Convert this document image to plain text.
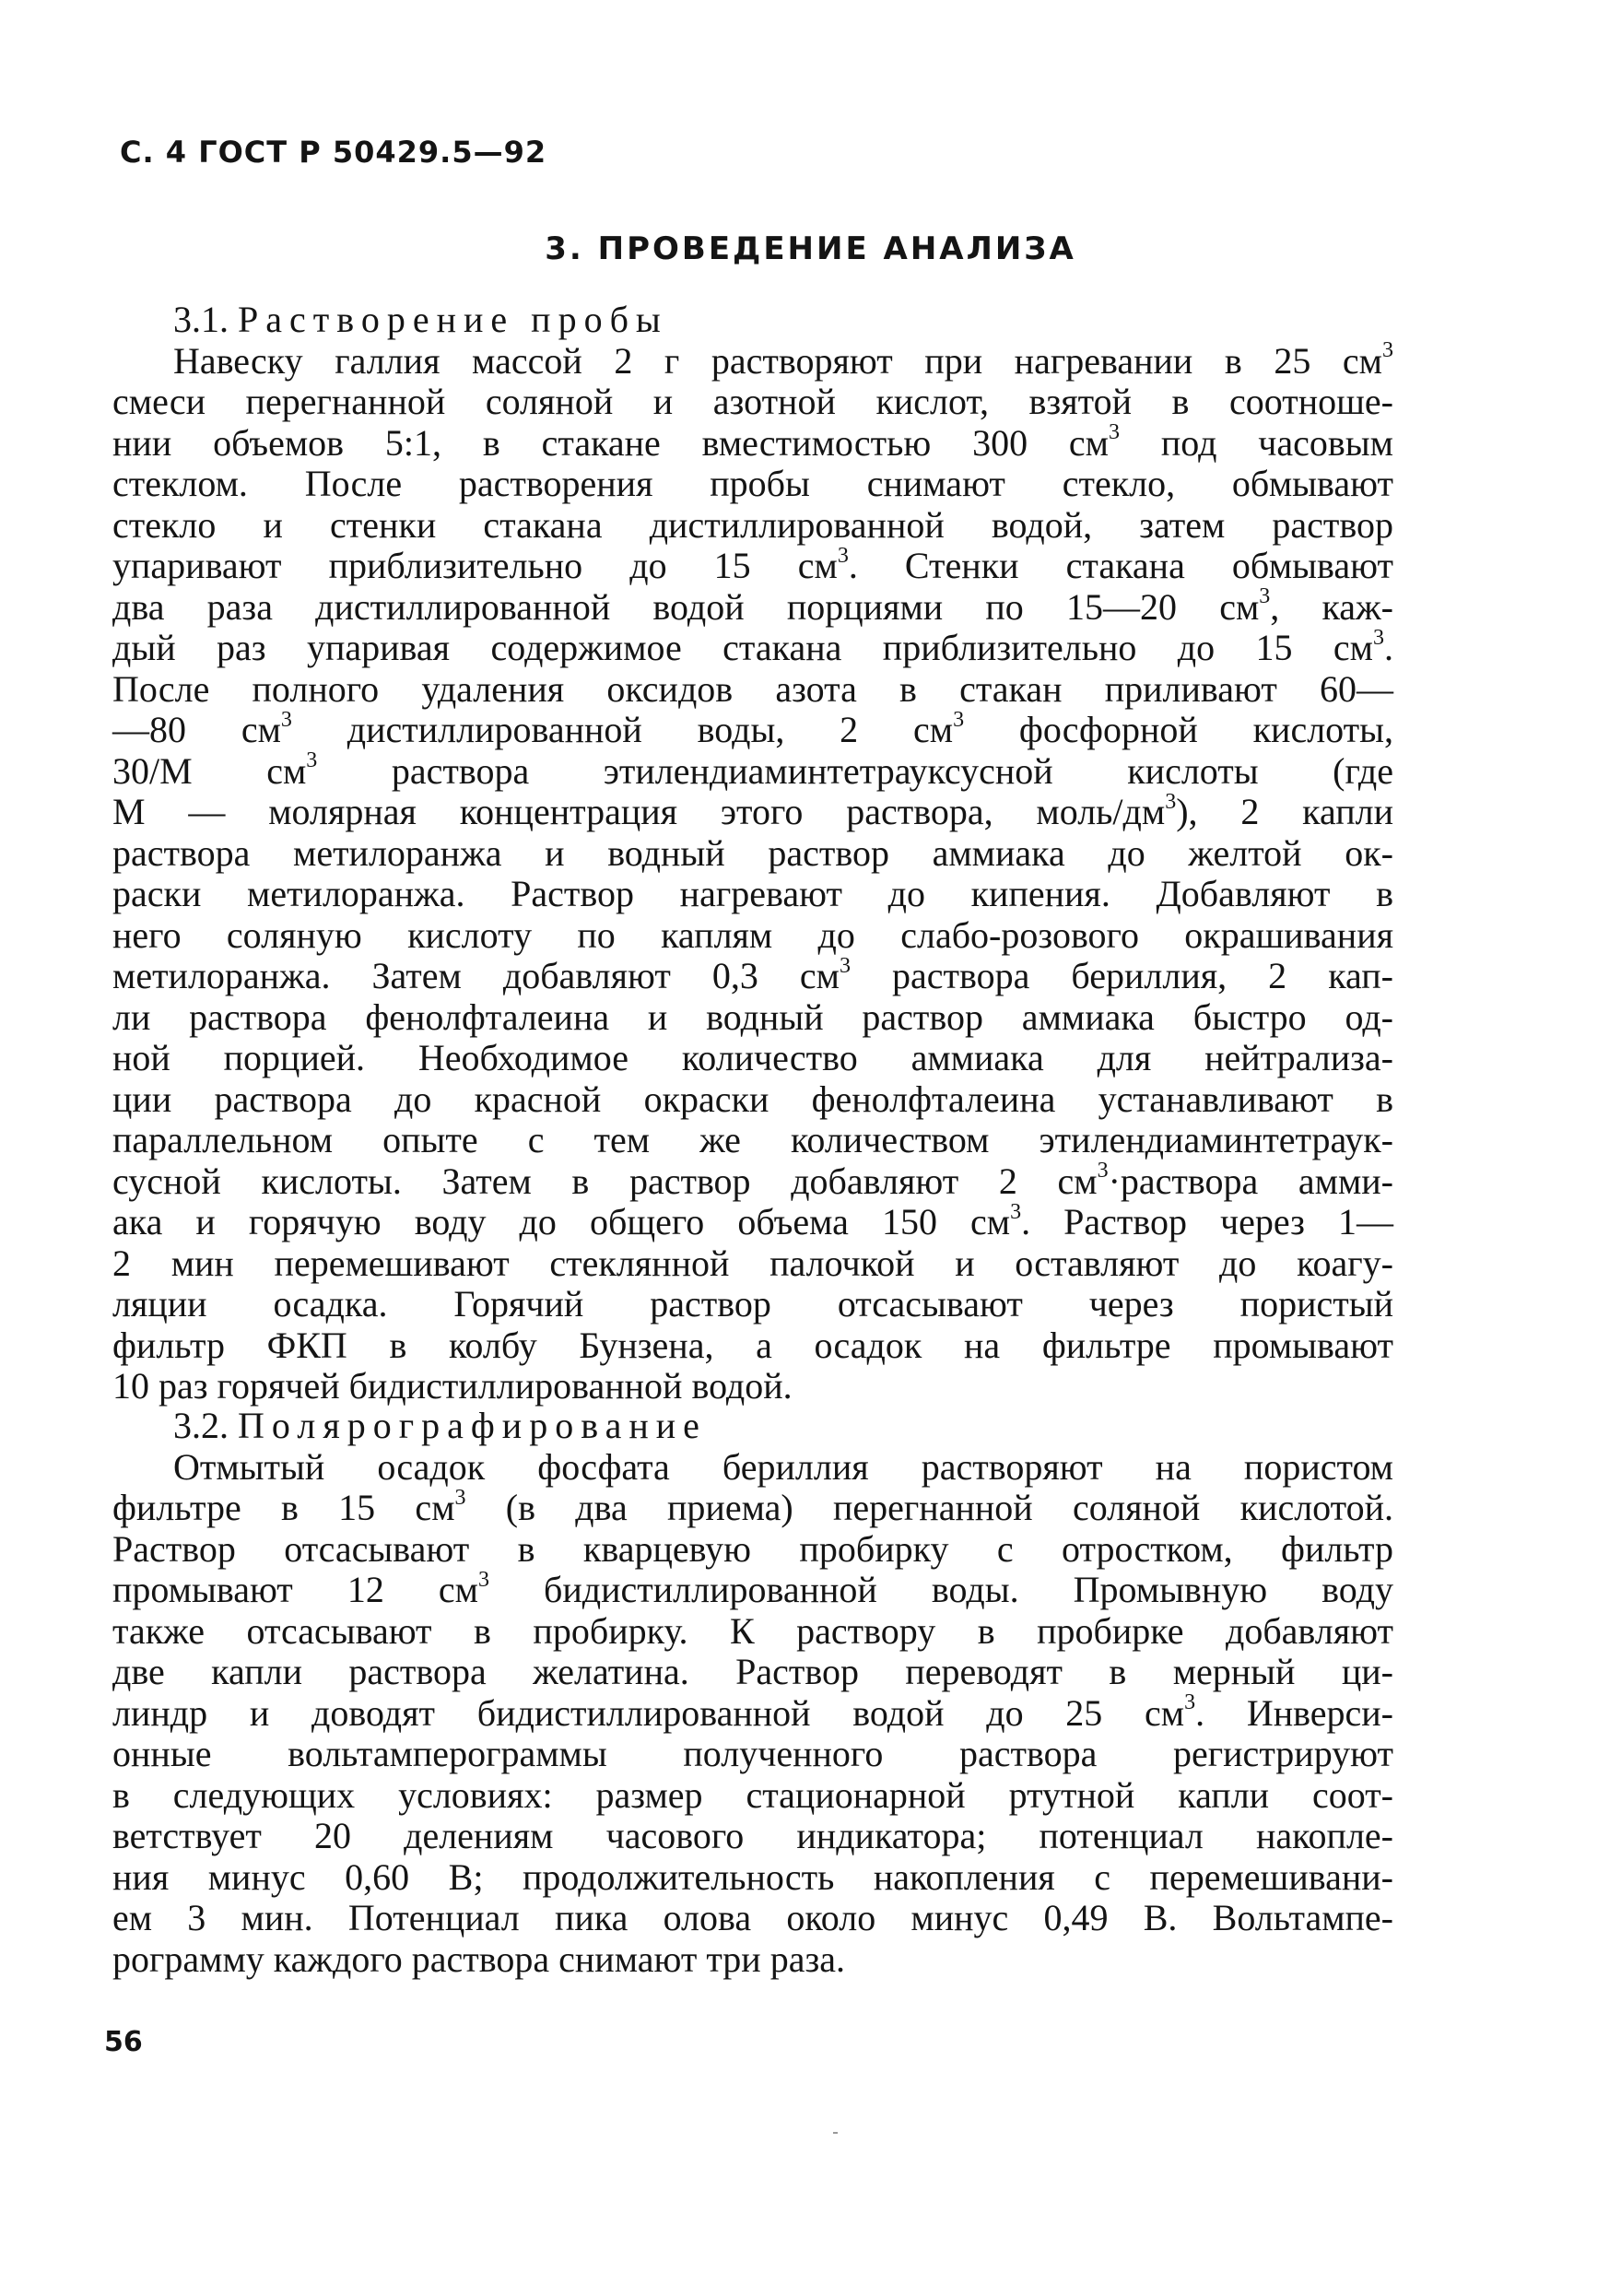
С. 4 ГОСТ Р 50429.5—92

3. ПРОВЕДЕНИЕ АНАЛИЗА
3.1. Растворение пробы
Навеску галлия массой 2 г растворяют при нагревании в 25 $см^3$
смеси перегнанной соляной и азотной кислот, взятой в соотноше-
нии объемов 5:1, в стакане вместимостью 300 $см^3$ под часовым
стеклом. После растворения пробы снимают стекло, обмывают
стекло и стенки стакана дистиллированной водой, затем раствор
упаривают приблизительно до 15 $см^3$. Стенки стакана обмывают
два раза дистиллированной водой порциями по 15—20 $см^3$, каж-
дый раз упаривая содержимое стакана приблизительно до 15 $см^3$.
После полного удаления оксидов азота в стакан приливают 60—
—80 $см^3$ дистиллированной воды, 2 $см^3$ фосфорной кислоты,
30/М $см^3$ раствора этилендиаминтетрауксусной кислоты (где
М — молярная концентрация этого раствора, моль/$дм^3$), 2 капли
раствора метилоранжа и водный раствор аммиака до желтой ок-
раски метилоранжа. Раствор нагревают до кипения. Добавляют в
него соляную кислоту по каплям до слабо-розового окрашивания
метилоранжа. Затем добавляют 0,3 $см^3$ раствора бериллия, 2 кап-
ли раствора фенолфталеина и водный раствор аммиака быстро од-
ной порцией. Необходимое количество аммиака для нейтрализа-
ции раствора до красной окраски фенолфталеина устанавливают в
параллельном опыте с тем же количеством этилендиаминтетраук-
сусной кислоты. Затем в раствор добавляют 2 $см^3\cdot раствора$ амми-
ака и горячую воду до общего объема 150 $см^3$. Раствор через 1—
2 мин перемешивают стеклянной палочкой и оставляют до коагу-
ляции осадка. Горячий раствор отсасывают через пористый
фильтр ФКП в колбу Бунзена, а осадок на фильтре промывают
10 раз горячей бидистиллированной водой.
3.2. Полярографирование
Отмытый осадок фосфата бериллия растворяют на пористом
фильтре в 15 $см^3$ (в два приема) перегнанной соляной кислотой.
Раствор отсасывают в кварцевую пробирку с отростком, фильтр
промывают 12 $см^3$ бидистиллированной воды. Промывную воду
также отсасывают в пробирку. К раствору в пробирке добавляют
две капли раствора желатина. Раствор переводят в мерный ци-
линдр и доводят бидистиллированной водой до 25 $см^3$. Инверси-
онные вольтамперограммы полученного раствора регистрируют
в следующих условиях: размер стационарной ртутной капли соот-
ветствует 20 делениям часового индикатора; потенциал накопле-
ния минус 0,60 В; продолжительность накопления с перемешивани-
ем 3 мин. Потенциал пика олова около минус 0,49 В. Вольтампе-
рограмму каждого раствора снимают три раза.

56
